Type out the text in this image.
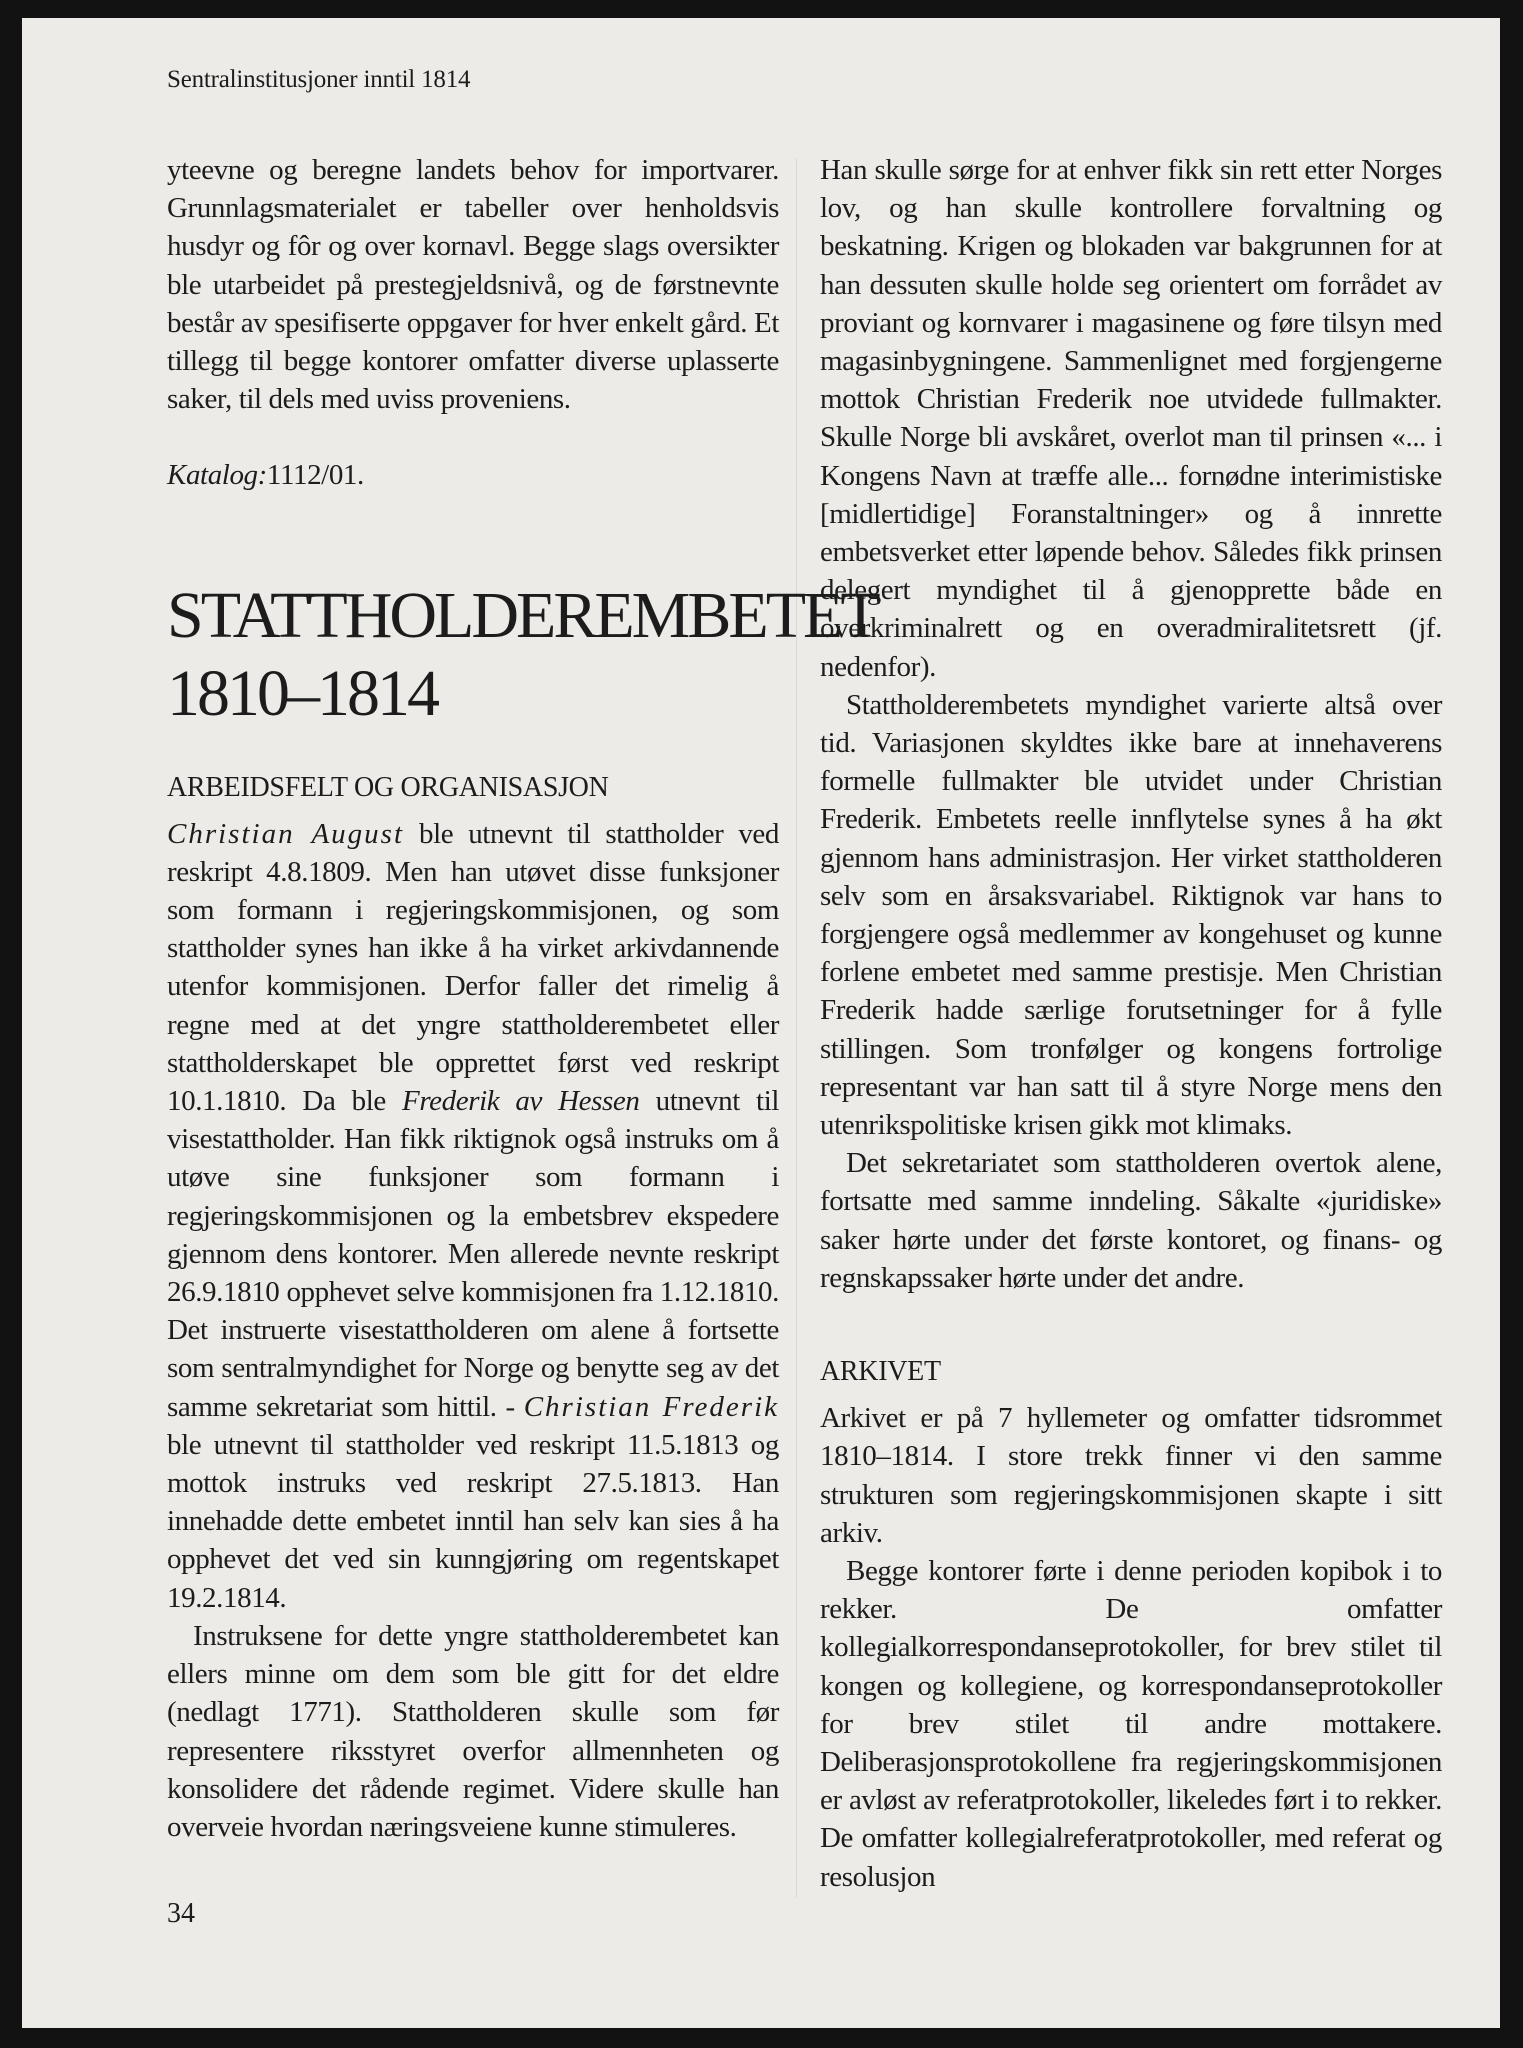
Sentralinstitusjoner inntil 1814

yteevne og beregne landets behov for importvarer. Grunnlagsmaterialet er tabeller over henholdsvis husdyr og fôr og over kornavl. Begge slags oversikter ble utarbeidet på prestegjeldsnivå, og de førstnevnte består av spesifiserte oppgaver for hver enkelt gård. Et tillegg til begge kontorer omfatter diverse uplasserte saker, til dels med uviss proveniens.

Katalog:1112/01.

STATTHOLDEREMBETET
1810–1814
ARBEIDSFELT OG ORGANISASJON

Christian August ble utnevnt til stattholder ved reskript 4.8.1809. Men han utøvet disse funksjoner som formann i regjeringskommisjonen, og som stattholder synes han ikke å ha virket arkivdannende utenfor kommisjonen. Derfor faller det rimelig å regne med at det yngre stattholderembetet eller stattholderskapet ble opprettet først ved reskript 10.1.1810. Da ble Frederik av Hessen utnevnt til visestattholder. Han fikk riktignok også instruks om å utøve sine funksjoner som formann i regjeringskommisjonen og la embetsbrev ekspedere gjennom dens kontorer. Men allerede nevnte reskript 26.9.1810 opphevet selve kommisjonen fra 1.12.1810. Det instruerte visestattholderen om alene å fortsette som sentralmyndighet for Norge og benytte seg av det samme sekretariat som hittil. - Christian Frederik ble utnevnt til stattholder ved reskript 11.5.1813 og mottok instruks ved reskript 27.5.1813. Han innehadde dette embetet inntil han selv kan sies å ha opphevet det ved sin kunngjøring om regentskapet 19.2.1814.

Instruksene for dette yngre stattholderembetet kan ellers minne om dem som ble gitt for det eldre (nedlagt 1771). Stattholderen skulle som før representere riksstyret overfor allmennheten og konsolidere det rådende regimet. Videre skulle han overveie hvordan næringsveiene kunne stimuleres.

Han skulle sørge for at enhver fikk sin rett etter Norges lov, og han skulle kontrollere forvaltning og beskatning. Krigen og blokaden var bakgrunnen for at han dessuten skulle holde seg orientert om forrådet av proviant og kornvarer i magasinene og føre tilsyn med magasinbygningene. Sammenlignet med forgjengerne mottok Christian Frederik noe utvidede fullmakter. Skulle Norge bli avskåret, overlot man til prinsen «... i Kongens Navn at træffe alle... fornødne interimistiske [midlertidige] Foranstaltninger» og å innrette embetsverket etter løpende behov. Således fikk prinsen delegert myndighet til å gjenopprette både en overkriminalrett og en overadmiralitetsrett (jf. nedenfor).

Stattholderembetets myndighet varierte altså over tid. Variasjonen skyldtes ikke bare at innehaverens formelle fullmakter ble utvidet under Christian Frederik. Embetets reelle innflytelse synes å ha økt gjennom hans administrasjon. Her virket stattholderen selv som en årsaksvariabel. Riktignok var hans to forgjengere også medlemmer av kongehuset og kunne forlene embetet med samme prestisje. Men Christian Frederik hadde særlige forutsetninger for å fylle stillingen. Som tronfølger og kongens fortrolige representant var han satt til å styre Norge mens den utenrikspolitiske krisen gikk mot klimaks.

Det sekretariatet som stattholderen overtok alene, fortsatte med samme inndeling. Såkalte «juridiske» saker hørte under det første kontoret, og finans- og regnskapssaker hørte under det andre.

ARKIVET

Arkivet er på 7 hyllemeter og omfatter tidsrommet 1810–1814. I store trekk finner vi den samme strukturen som regjeringskommisjonen skapte i sitt arkiv.

Begge kontorer førte i denne perioden kopibok i to rekker. De omfatter kollegialkorrespondanseprotokoller, for brev stilet til kongen og kollegiene, og korrespondanseprotokoller for brev stilet til andre mottakere. Deliberasjonsprotokollene fra regjeringskommisjonen er avløst av referatprotokoller, likeledes ført i to rekker. De omfatter kollegialreferatprotokoller, med referat og resolusjon

34
